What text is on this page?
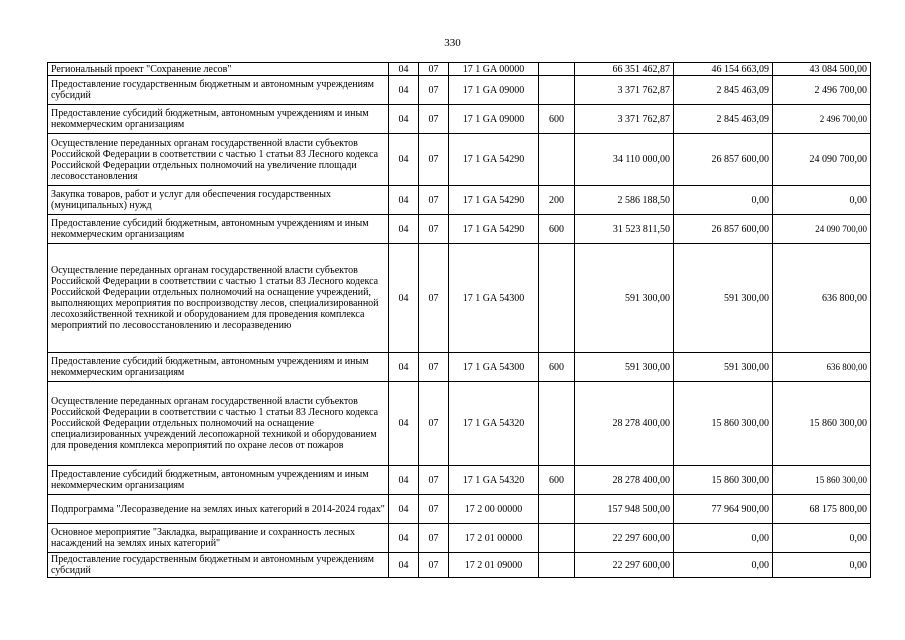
330
Региональный проект "Сохранение лесов"	04	07	17 1 GA 00000		66 351 462,87	46 154 663,09	43 084 500,00
Предоставление государственным бюджетным и автономным учреждениям субсидий	04	07	17 1 GA 09000		3 371 762,87	2 845 463,09	2 496 700,00
Предоставление субсидий бюджетным, автономным учреждениям и иным некоммерческим организациям	04	07	17 1 GA 09000	600	3 371 762,87	2 845 463,09	2 496 700,00
Осуществление переданных органам государственной власти субъектов Российской Федерации в соответствии с частью 1 статьи 83 Лесного кодекса Российской Федерации отдельных полномочий на увеличение площади лесовосстановления	04	07	17 1 GA 54290		34 110 000,00	26 857 600,00	24 090 700,00
Закупка товаров, работ и услуг для обеспечения государственных (муниципальных) нужд	04	07	17 1 GA 54290	200	2 586 188,50	0,00	0,00
Предоставление субсидий бюджетным, автономным учреждениям и иным некоммерческим организациям	04	07	17 1 GA 54290	600	31 523 811,50	26 857 600,00	24 090 700,00
Осуществление переданных органам государственной власти субъектов Российской Федерации в соответствии с частью 1 статьи 83 Лесного кодекса Российской Федерации отдельных полномочий на оснащение учреждений, выполняющих мероприятия по воспроизводству лесов, специализированной лесохозяйственной техникой и оборудованием для проведения комплекса мероприятий по лесовосстановлению и лесоразведению	04	07	17 1 GA 54300		591 300,00	591 300,00	636 800,00
Предоставление субсидий бюджетным, автономным учреждениям и иным некоммерческим организациям	04	07	17 1 GA 54300	600	591 300,00	591 300,00	636 800,00
Осуществление переданных органам государственной власти субъектов Российской Федерации в соответствии с частью 1 статьи 83 Лесного кодекса Российской Федерации отдельных полномочий на оснащение специализированных учреждений лесопожарной техникой и оборудованием для проведения комплекса мероприятий по охране лесов от пожаров	04	07	17 1 GA 54320		28 278 400,00	15 860 300,00	15 860 300,00
Предоставление субсидий бюджетным, автономным учреждениям и иным некоммерческим организациям	04	07	17 1 GA 54320	600	28 278 400,00	15 860 300,00	15 860 300,00
Подпрограмма "Лесоразведение на землях иных категорий в 2014-2024 годах"	04	07	17 2 00 00000		157 948 500,00	77 964 900,00	68 175 800,00
Основное мероприятие "Закладка, выращивание и сохранность лесных насаждений на землях иных категорий"	04	07	17 2 01 00000		22 297 600,00	0,00	0,00
Предоставление государственным бюджетным и автономным учреждениям субсидий	04	07	17 2 01 09000		22 297 600,00	0,00	0,00
